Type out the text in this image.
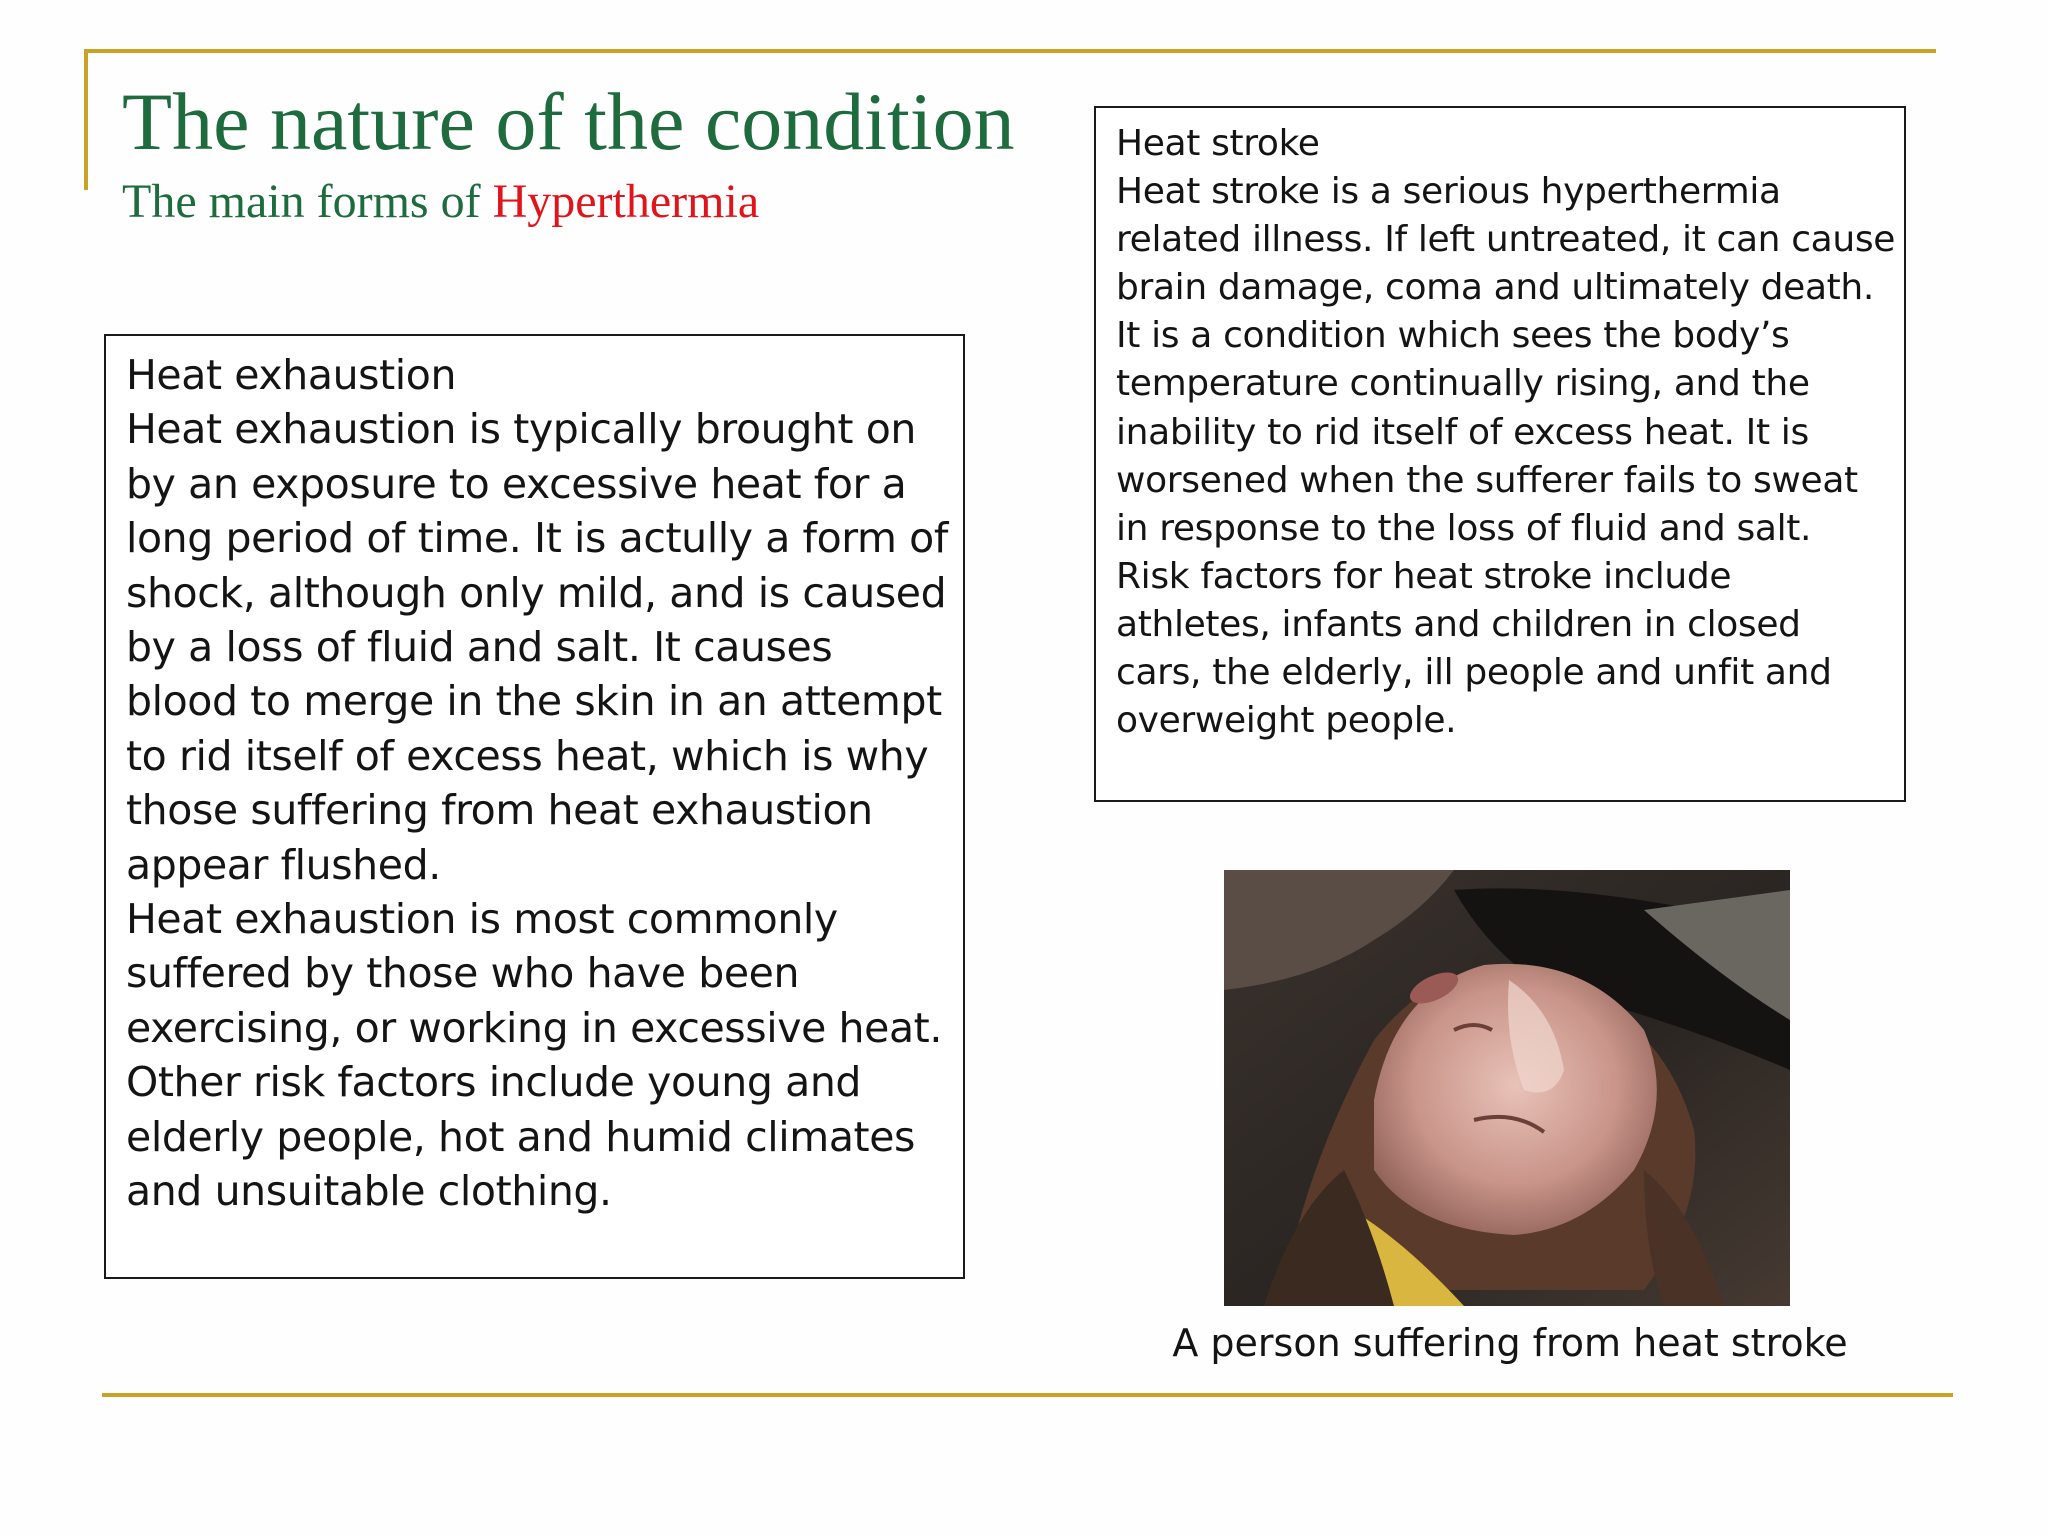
The nature of the condition
The main forms of Hyperthermia

Heat exhaustion

Heat exhaustion is typically brought on by an exposure to excessive heat for a long period of time. It is actully a form of shock, although only mild, and is caused by a loss of fluid and salt. It causes blood to merge in the skin in an attempt to rid itself of excess heat, which is why those suffering from heat exhaustion appear flushed.

Heat exhaustion is most commonly suffered by those who have been exercising, or working in excessive heat. Other risk factors include young and elderly people, hot and humid climates and unsuitable clothing.

Heat stroke

Heat stroke is a serious hyperthermia related illness. If left untreated, it can cause brain damage, coma and ultimately death. It is a condition which sees the body’s temperature continually rising, and the inability to rid itself of excess heat. It is worsened when the sufferer fails to sweat in response to the loss of fluid and salt.

Risk factors for heat stroke include athletes, infants and children in closed cars, the elderly, ill people and unfit and overweight people.

A person suffering from heat stroke
